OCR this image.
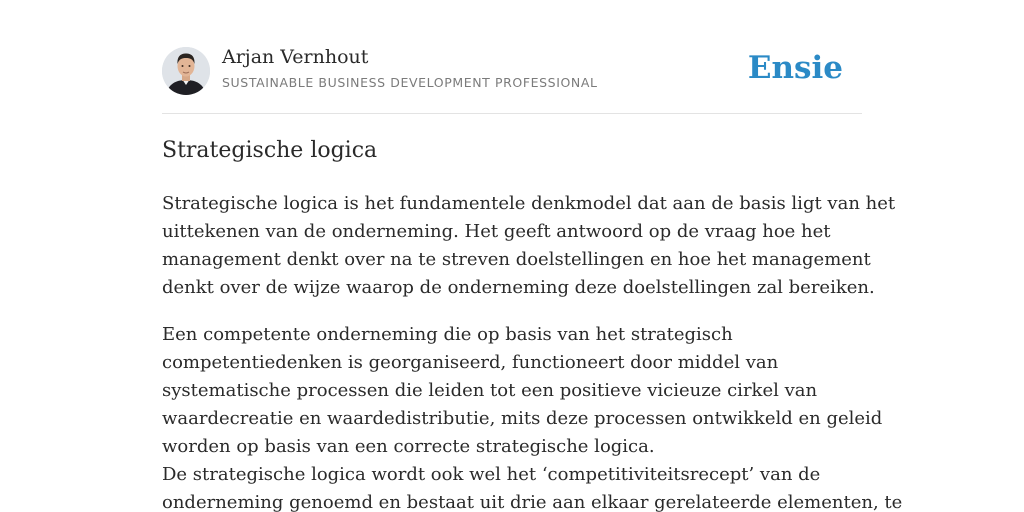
Arjan Vernhout
SUSTAINABLE BUSINESS DEVELOPMENT PROFESSIONAL	Ensie
Strategische logica
Strategische logica is het fundamentele denkmodel dat aan de basis ligt van het
uittekenen van de onderneming. Het geeft antwoord op de vraag hoe het
management denkt over na te streven doelstellingen en hoe het management
denkt over de wijze waarop de onderneming deze doelstellingen zal bereiken.
Een competente onderneming die op basis van het strategisch
competentiedenken is georganiseerd, functioneert door middel van
systematische processen die leiden tot een positieve vicieuze cirkel van
waardecreatie en waardedistributie, mits deze processen ontwikkeld en geleid
worden op basis van een correcte strategische logica.
De strategische logica wordt ook wel het ‘competitiviteitsrecept’ van de
onderneming genoemd en bestaat uit drie aan elkaar gerelateerde elementen, te
